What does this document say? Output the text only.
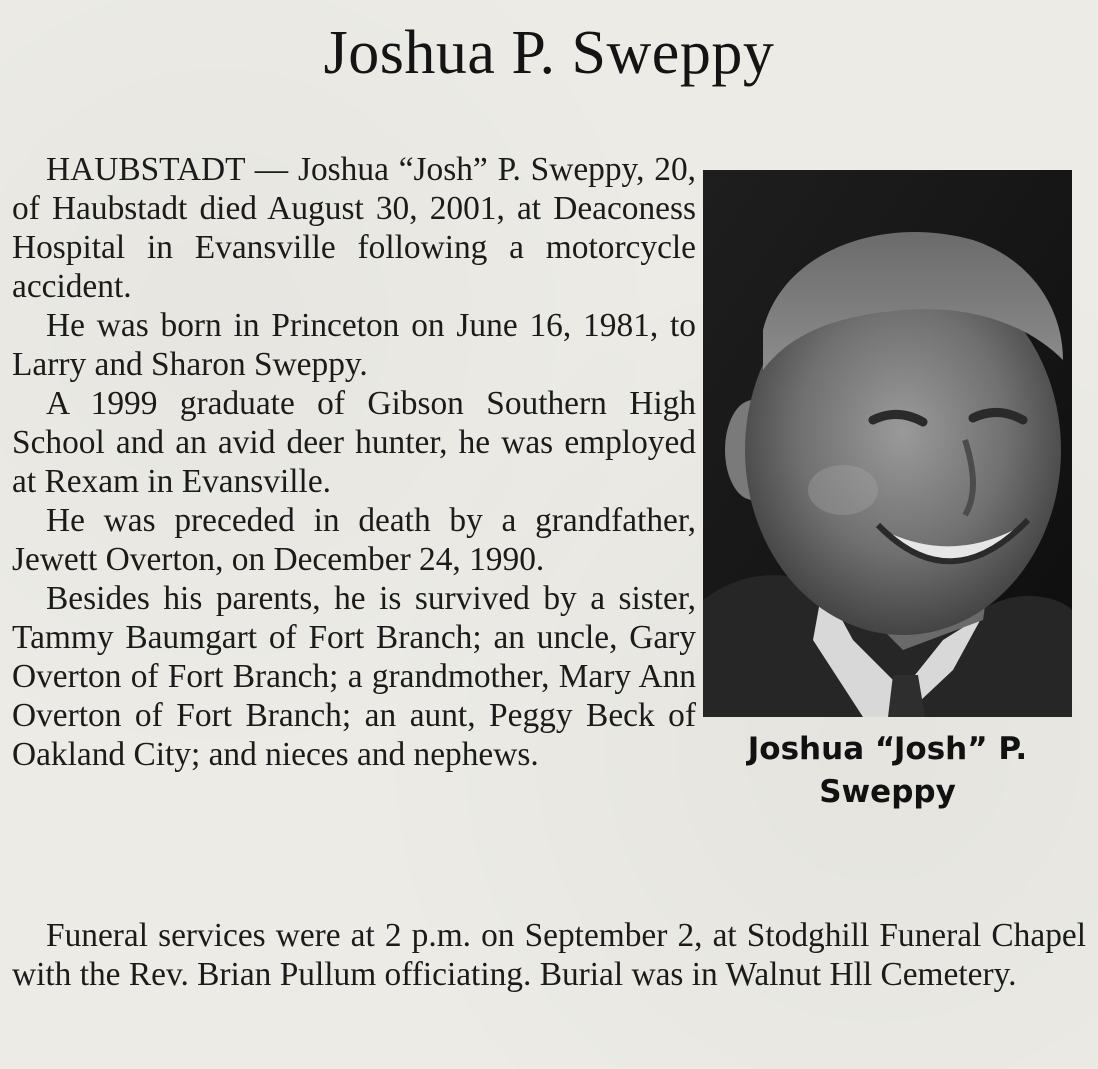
Joshua P. Sweppy

HAUBSTADT — Joshua “Josh” P. Sweppy, 20, of Haubstadt died August 30, 2001, at Deaconess Hospital in Evansville following a motorcycle accident.

He was born in Princeton on June 16, 1981, to Larry and Sharon Sweppy.

A 1999 graduate of Gibson Southern High School and an avid deer hunter, he was employed at Rexam in Evansville.

He was preceded in death by a grandfather, Jewett Overton, on December 24, 1990.

Besides his parents, he is survived by a sister, Tammy Baumgart of Fort Branch; an uncle, Gary Overton of Fort Branch; a grandmother, Mary Ann Overton of Fort Branch; an aunt, Peggy Beck of Oakland City; and nieces and nephews.	Joshua “Josh” P.
Sweppy

Funeral services were at 2 p.m. on September 2, at Stodghill Funeral Chapel with the Rev. Brian Pullum officiating. Burial was in Walnut Hll Cemetery.
